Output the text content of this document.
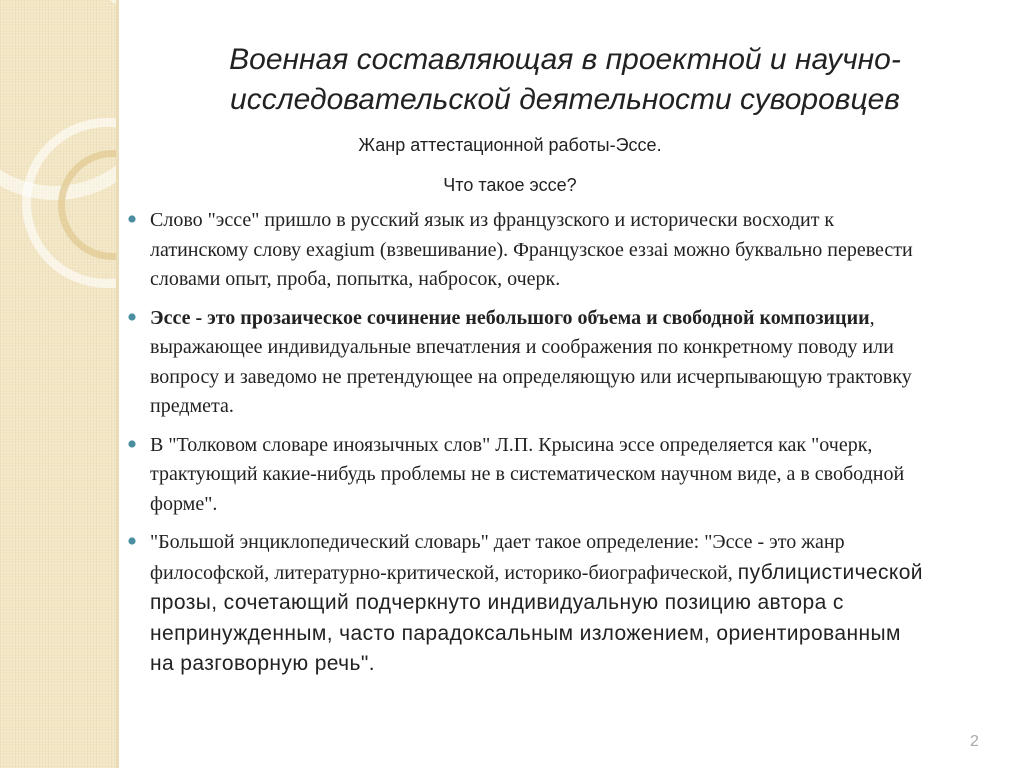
Военная составляющая в проектной и научно-исследовательской деятельности суворовцев
Жанр аттестационной работы-Эссе.
Что такое эссе?
Слово "эссе" пришло в русский язык из французского и исторически восходит к латинскому слову exagium (взвешивание). Французское еззаі можно буквально перевести словами опыт, проба, попытка, набросок, очерк.
Эссе - это прозаическое сочинение небольшого объема и свободной композиции, выражающее индивидуальные впечатления и соображения по конкретному поводу или вопросу и заведомо не претендующее на определяющую или исчерпывающую трактовку предмета.
В "Толковом словаре иноязычных слов" Л.П. Крысина эссе определяется как "очерк, трактующий какие-нибудь проблемы не в систематическом научном виде, а в свободной форме".
"Большой энциклопедический словарь" дает такое определение: "Эссе - это жанр философской, литературно-критической, историко-биографической, публицистической прозы, сочетающий подчеркнуто индивидуальную позицию автора с непринужденным, часто парадоксальным изложением, ориентированным на разговорную речь".
2
